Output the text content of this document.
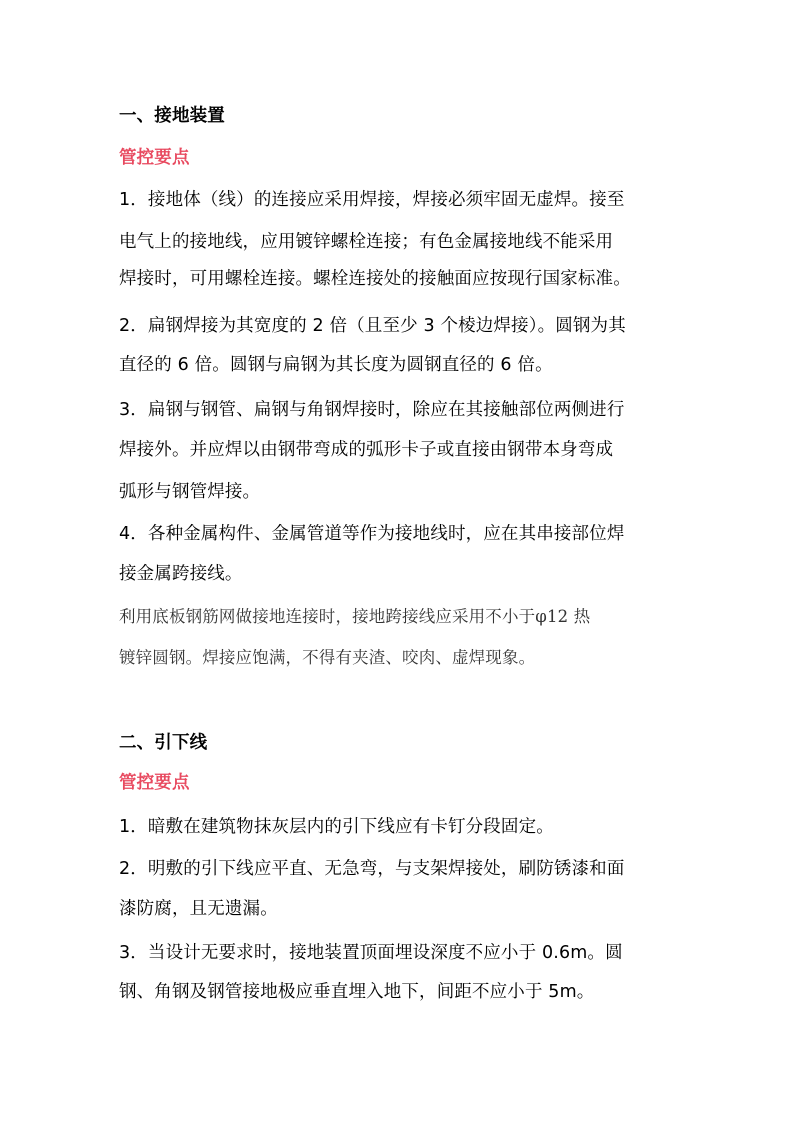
一、接地装置
管控要点
1．接地体（线）的连接应采用焊接，焊接必须牢固无虚焊。接至
电气上的接地线，应用镀锌螺栓连接；有色金属接地线不能采用
焊接时，可用螺栓连接。螺栓连接处的接触面应按现行国家标准。
2．扁钢焊接为其宽度的 2 倍（且至少 3 个棱边焊接）。圆钢为其
直径的 6 倍。圆钢与扁钢为其长度为圆钢直径的 6 倍。
3．扁钢与钢管、扁钢与角钢焊接时，除应在其接触部位两侧进行
焊接外。并应焊以由钢带弯成的弧形卡子或直接由钢带本身弯成
弧形与钢管焊接。
4．各种金属构件、金属管道等作为接地线时，应在其串接部位焊
接金属跨接线。
利用底板钢筋网做接地连接时，接地跨接线应采用不小于φ12 热
镀锌圆钢。焊接应饱满，不得有夹渣、咬肉、虚焊现象。
二、引下线
管控要点
1．暗敷在建筑物抹灰层内的引下线应有卡钉分段固定。
2．明敷的引下线应平直、无急弯，与支架焊接处，刷防锈漆和面
漆防腐，且无遗漏。
3．当设计无要求时，接地装置顶面埋设深度不应小于 0.6m。圆
钢、角钢及钢管接地极应垂直埋入地下，间距不应小于 5m。
